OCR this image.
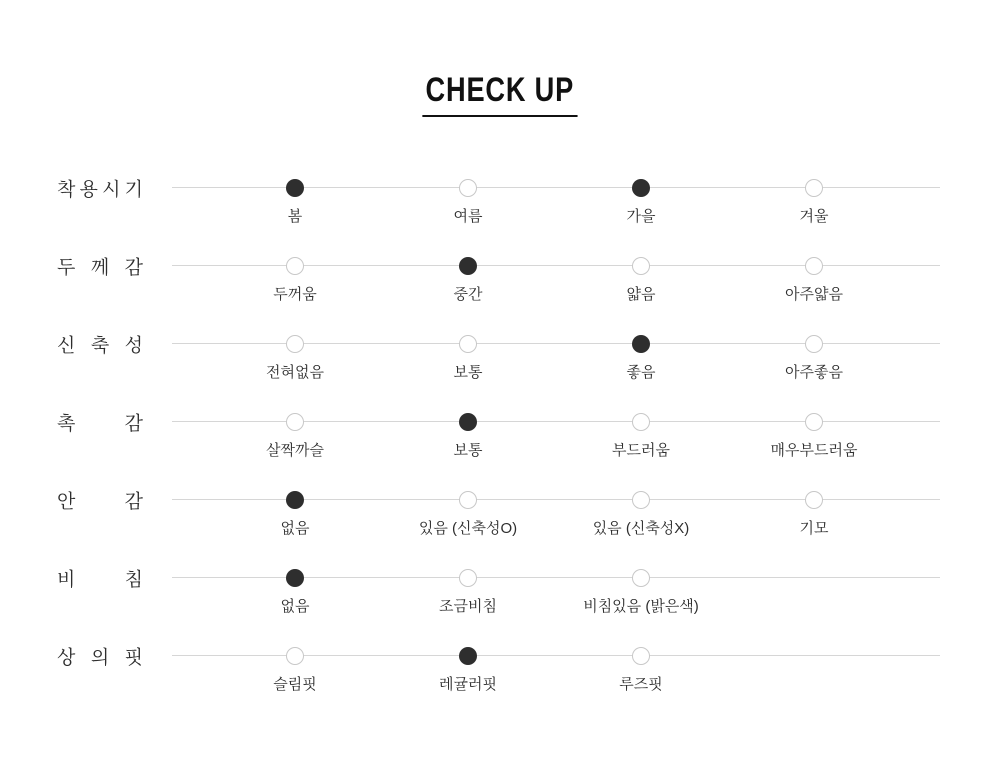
CHECK UP
착 용 시 기
봄	여름	가을	겨울
두 께 감
두꺼움	중간	얇음	아주얇음
신 축 성
전혀없음	보통	좋음	아주좋음
촉	감
살짝까슬	보통	부드러움	매우부드러움
안	감
없음	있음 (신축성O)	있음 (신축성X)	기모
비	침
없음	조금비침	비침있음 (밝은색)
상 의 핏
슬림핏	레귤러핏	루즈핏
